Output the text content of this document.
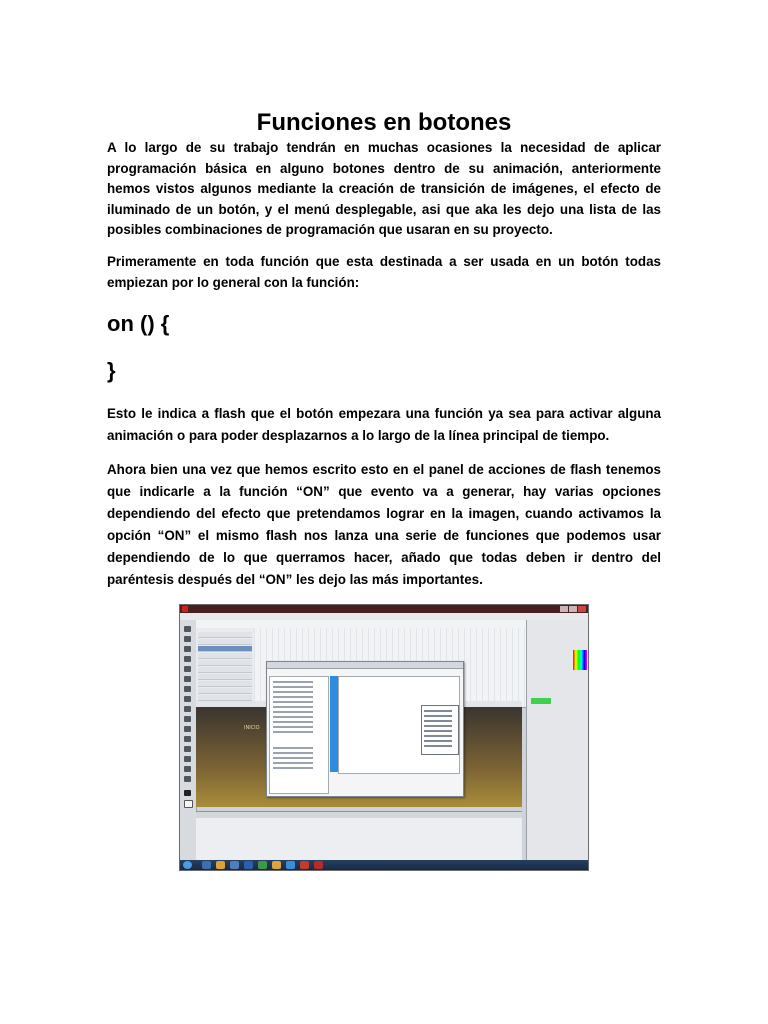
Funciones en botones

A lo largo de su trabajo tendrán en muchas ocasiones la necesidad de aplicar programación básica en alguno botones dentro de su animación, anteriormente hemos vistos algunos mediante la creación de transición de imágenes, el efecto de iluminado de un botón, y el menú desplegable, asi que aka les dejo una lista de las posibles combinaciones de programación que usaran en su proyecto.

Primeramente en toda función que esta destinada a ser usada en un botón todas empiezan por lo general con la función:

on () {

}

Esto le indica a flash que el botón empezara una función ya sea para activar alguna animación o para poder desplazarnos a lo largo de la línea principal de tiempo.

Ahora bien una vez que hemos escrito esto en el panel de acciones de flash tenemos que indicarle a la función “ON” que evento va a generar, hay varias opciones dependiendo del efecto que pretendamos lograr en la imagen, cuando activamos la opción “ON” el mismo flash nos lanza una serie de funciones que podemos usar dependiendo de lo que querramos hacer, añado que todas deben ir dentro del paréntesis después del “ON” les dejo las más importantes.

INICIO
